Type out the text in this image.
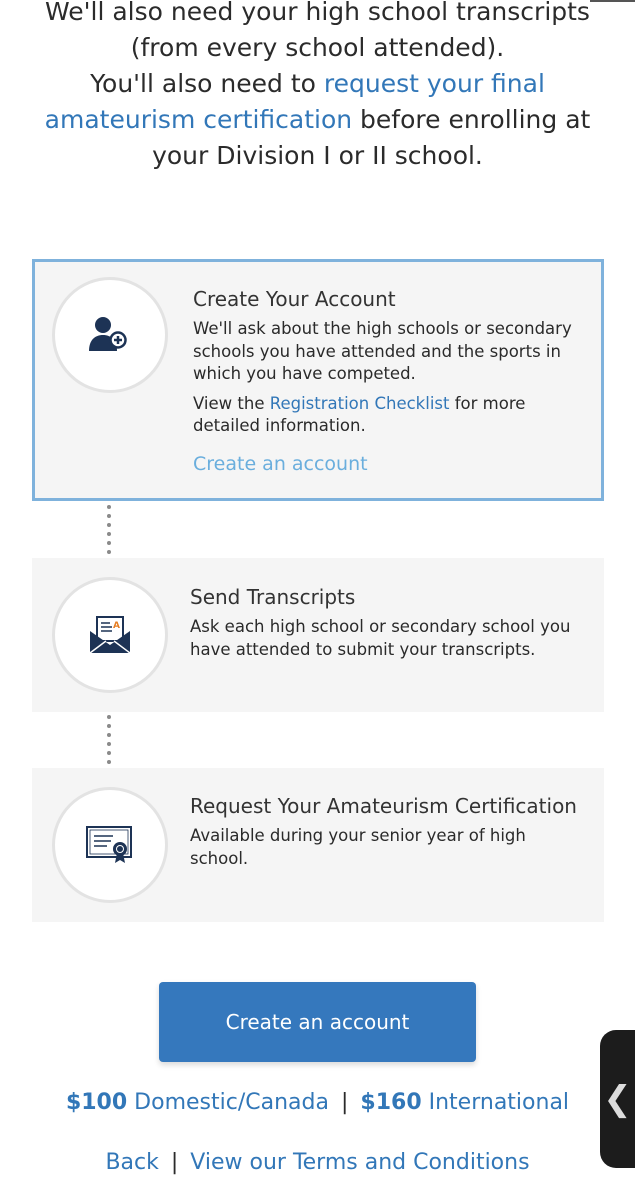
We'll also need your high school transcripts (from every school attended).

You'll also need to request your final amateurism certification before enrolling at your Division I or II school.

Create Your Account

We'll ask about the high schools or secondary schools you have attended and the sports in which you have competed.

View the Registration Checklist for more detailed information.

Create an account
A
Send Transcripts

Ask each high school or secondary school you have attended to submit your transcripts.

Request Your Amateurism Certification

Available during your senior year of high school.

Create an account
$100 Domestic/Canada | $160 International
Back | View our Terms and Conditions
❮
